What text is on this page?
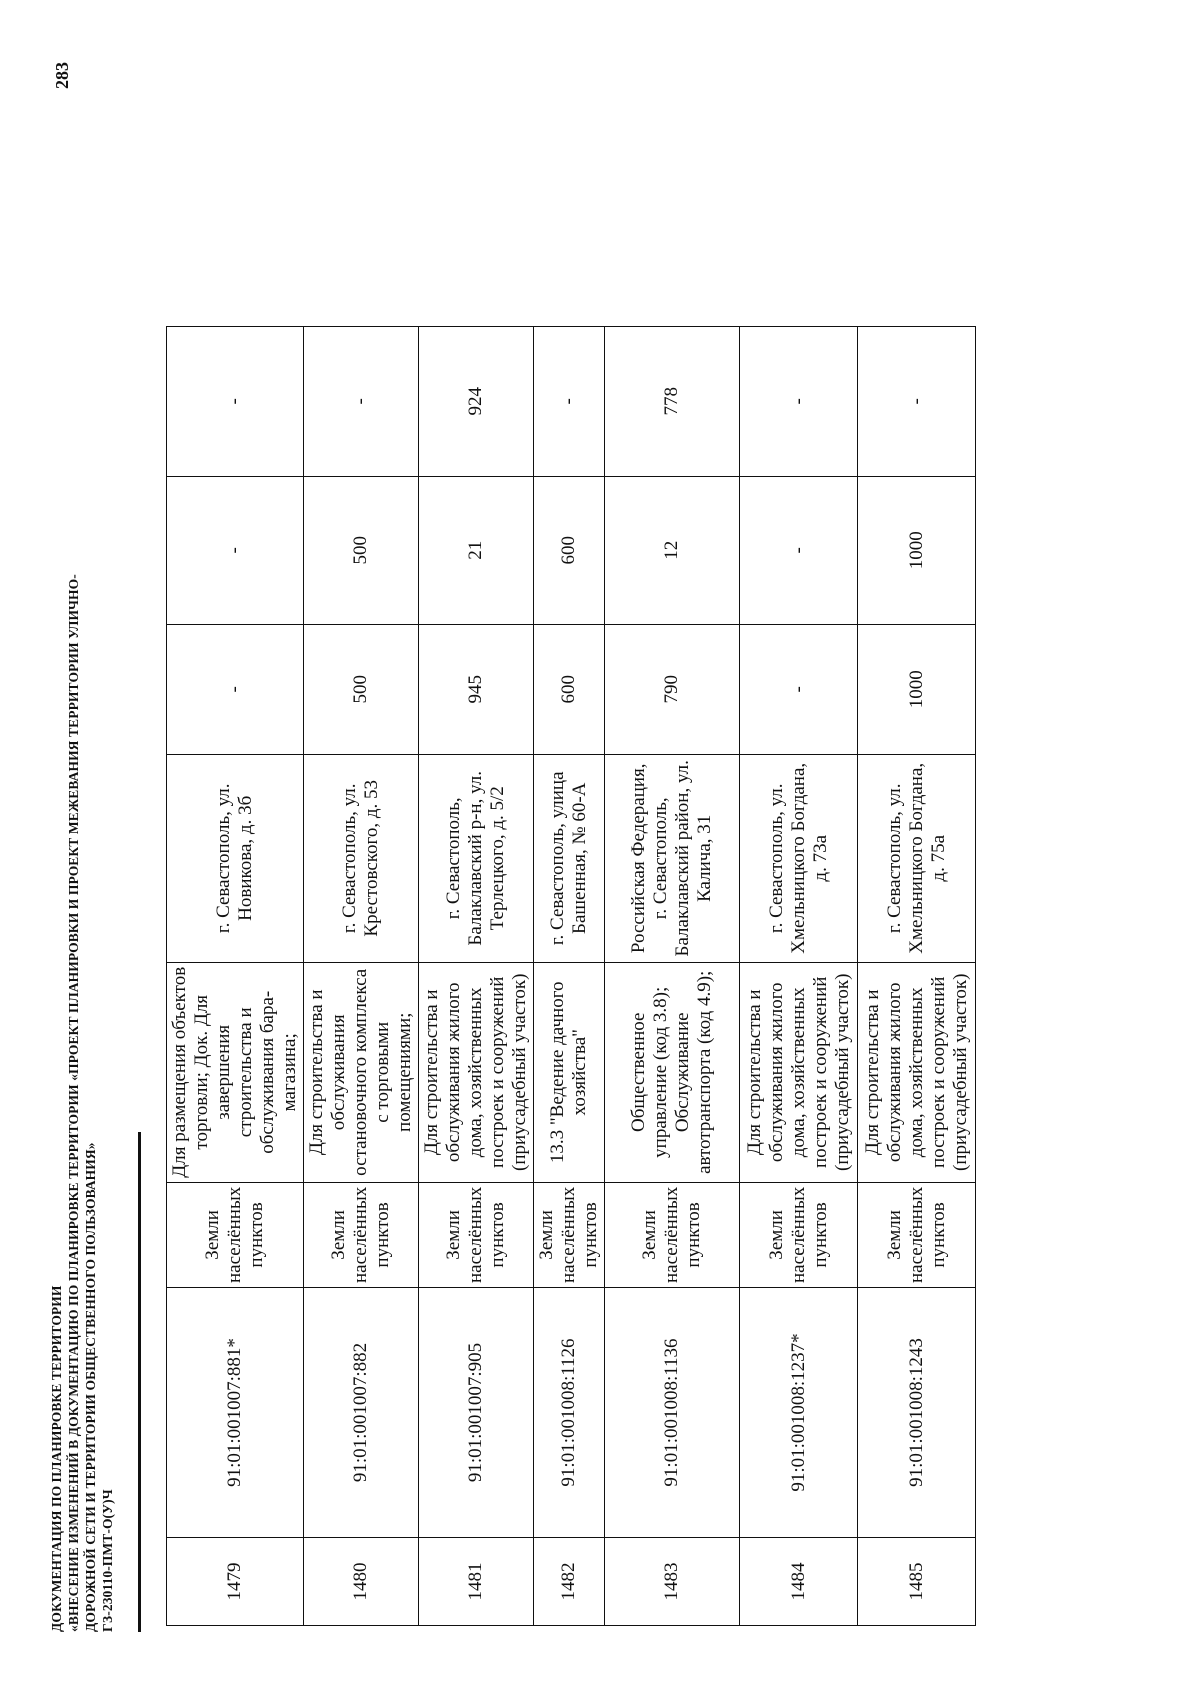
ДОКУМЕНТАЦИЯ ПО ПЛАНИРОВКЕ ТЕРРИТОРИИ «ВНЕСЕНИЕ ИЗМЕНЕНИЙ В ДОКУМЕНТАЦИЮ ПО ПЛАНИРОВКЕ ТЕРРИТОРИИ «ПРОЕКТ ПЛАНИРОВКИ И ПРОЕКТ МЕЖЕВАНИЯ ТЕРРИТОРИИ УЛИЧНО- ДОРОЖНОЙ СЕТИ И ТЕРРИТОРИИ ОБЩЕСТВЕННОГО ПОЛЬЗОВАНИЯ» ГЗ-230110-ПМТ-О(У)Ч
283
1479	91:01:001007:881*	Земли населённых пунктов	Для размещения объектов торговли; Док. Для завершения строительства и обслуживания бара-магазина;	г. Севастополь, ул. Новикова, д. 3б	-	-	-
1480	91:01:001007:882	Земли населённых пунктов	Для строительства и обслуживания остановочного комплекса с торговыми помещениями;	г. Севастополь, ул. Крестовского, д. 53	500	500	-
1481	91:01:001007:905	Земли населённых пунктов	Для строительства и обслуживания жилого дома, хозяйственных построек и сооружений (приусадебный участок)	г. Севастополь, Балаклавский р-н, ул. Терлецкого, д. 5/2	945	21	924
1482	91:01:001008:1126	Земли населённых пунктов	13.3 "Ведение дачного хозяйства"	г. Севастополь, улица Башенная, № 60-А	600	600	-
1483	91:01:001008:1136	Земли населённых пунктов	Общественное управление (код 3.8); Обслуживание автотранспорта (код 4.9);	Российская Федерация, г. Севастополь, Балаклавский район, ул. Калича, 31	790	12	778
1484	91:01:001008:1237*	Земли населённых пунктов	Для строительства и обслуживания жилого дома, хозяйственных построек и сооружений (приусадебный участок)	г. Севастополь, ул. Хмельницкого Богдана, д. 73а	-	-	-
1485	91:01:001008:1243	Земли населённых пунктов	Для строительства и обслуживания жилого дома, хозяйственных построек и сооружений (приусадебный участок)	г. Севастополь, ул. Хмельницкого Богдана, д. 75а	1000	1000	-
